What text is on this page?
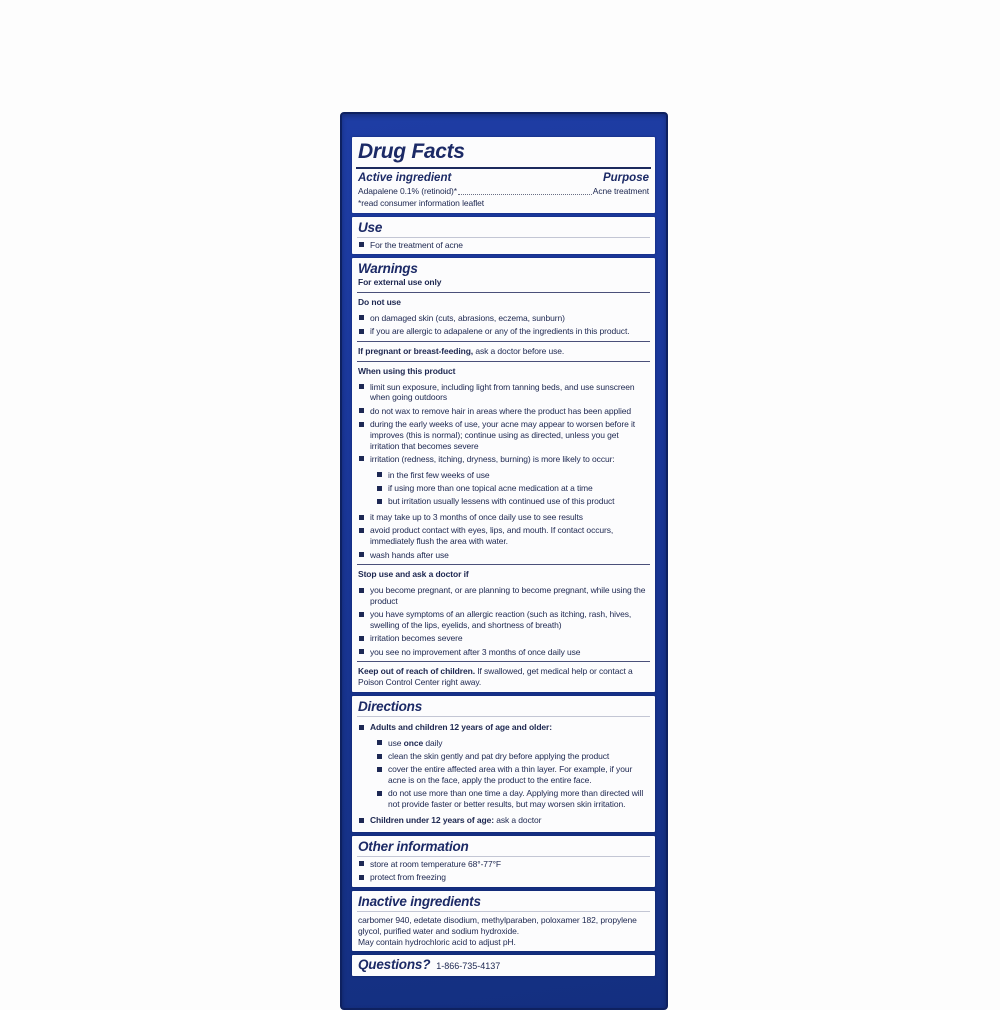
Drug Facts
Active ingredient	Purpose
Adapalene 0.1% (retinoid)*	Acne treatment
*read consumer information leaflet
Use
For the treatment of acne
Warnings
For external use only
Do not use
on damaged skin (cuts, abrasions, eczema, sunburn)
if you are allergic to adapalene or any of the ingredients in this product.
If pregnant or breast-feeding, ask a doctor before use.
When using this product
limit sun exposure, including light from tanning beds, and use sunscreen when going outdoors
do not wax to remove hair in areas where the product has been applied
during the early weeks of use, your acne may appear to worsen before it improves (this is normal); continue using as directed, unless you get irritation that becomes severe
irritation (redness, itching, dryness, burning) is more likely to occur:
in the first few weeks of use
if using more than one topical acne medication at a time
but irritation usually lessens with continued use of this product
it may take up to 3 months of once daily use to see results
avoid product contact with eyes, lips, and mouth. If contact occurs, immediately flush the area with water.
wash hands after use
Stop use and ask a doctor if
you become pregnant, or are planning to become pregnant, while using the product
you have symptoms of an allergic reaction (such as itching, rash, hives, swelling of the lips, eyelids, and shortness of breath)
irritation becomes severe
you see no improvement after 3 months of once daily use
Keep out of reach of children. If swallowed, get medical help or contact a Poison Control Center right away.
Directions
Adults and children 12 years of age and older:
use once daily
clean the skin gently and pat dry before applying the product
cover the entire affected area with a thin layer. For example, if your acne is on the face, apply the product to the entire face.
do not use more than one time a day. Applying more than directed will not provide faster or better results, but may worsen skin irritation.
Children under 12 years of age: ask a doctor
Other information
store at room temperature 68°-77°F
protect from freezing
Inactive ingredients
carbomer 940, edetate disodium, methylparaben, poloxamer 182, propylene glycol, purified water and sodium hydroxide.
May contain hydrochloric acid to adjust pH.
Questions? 1-866-735-4137
